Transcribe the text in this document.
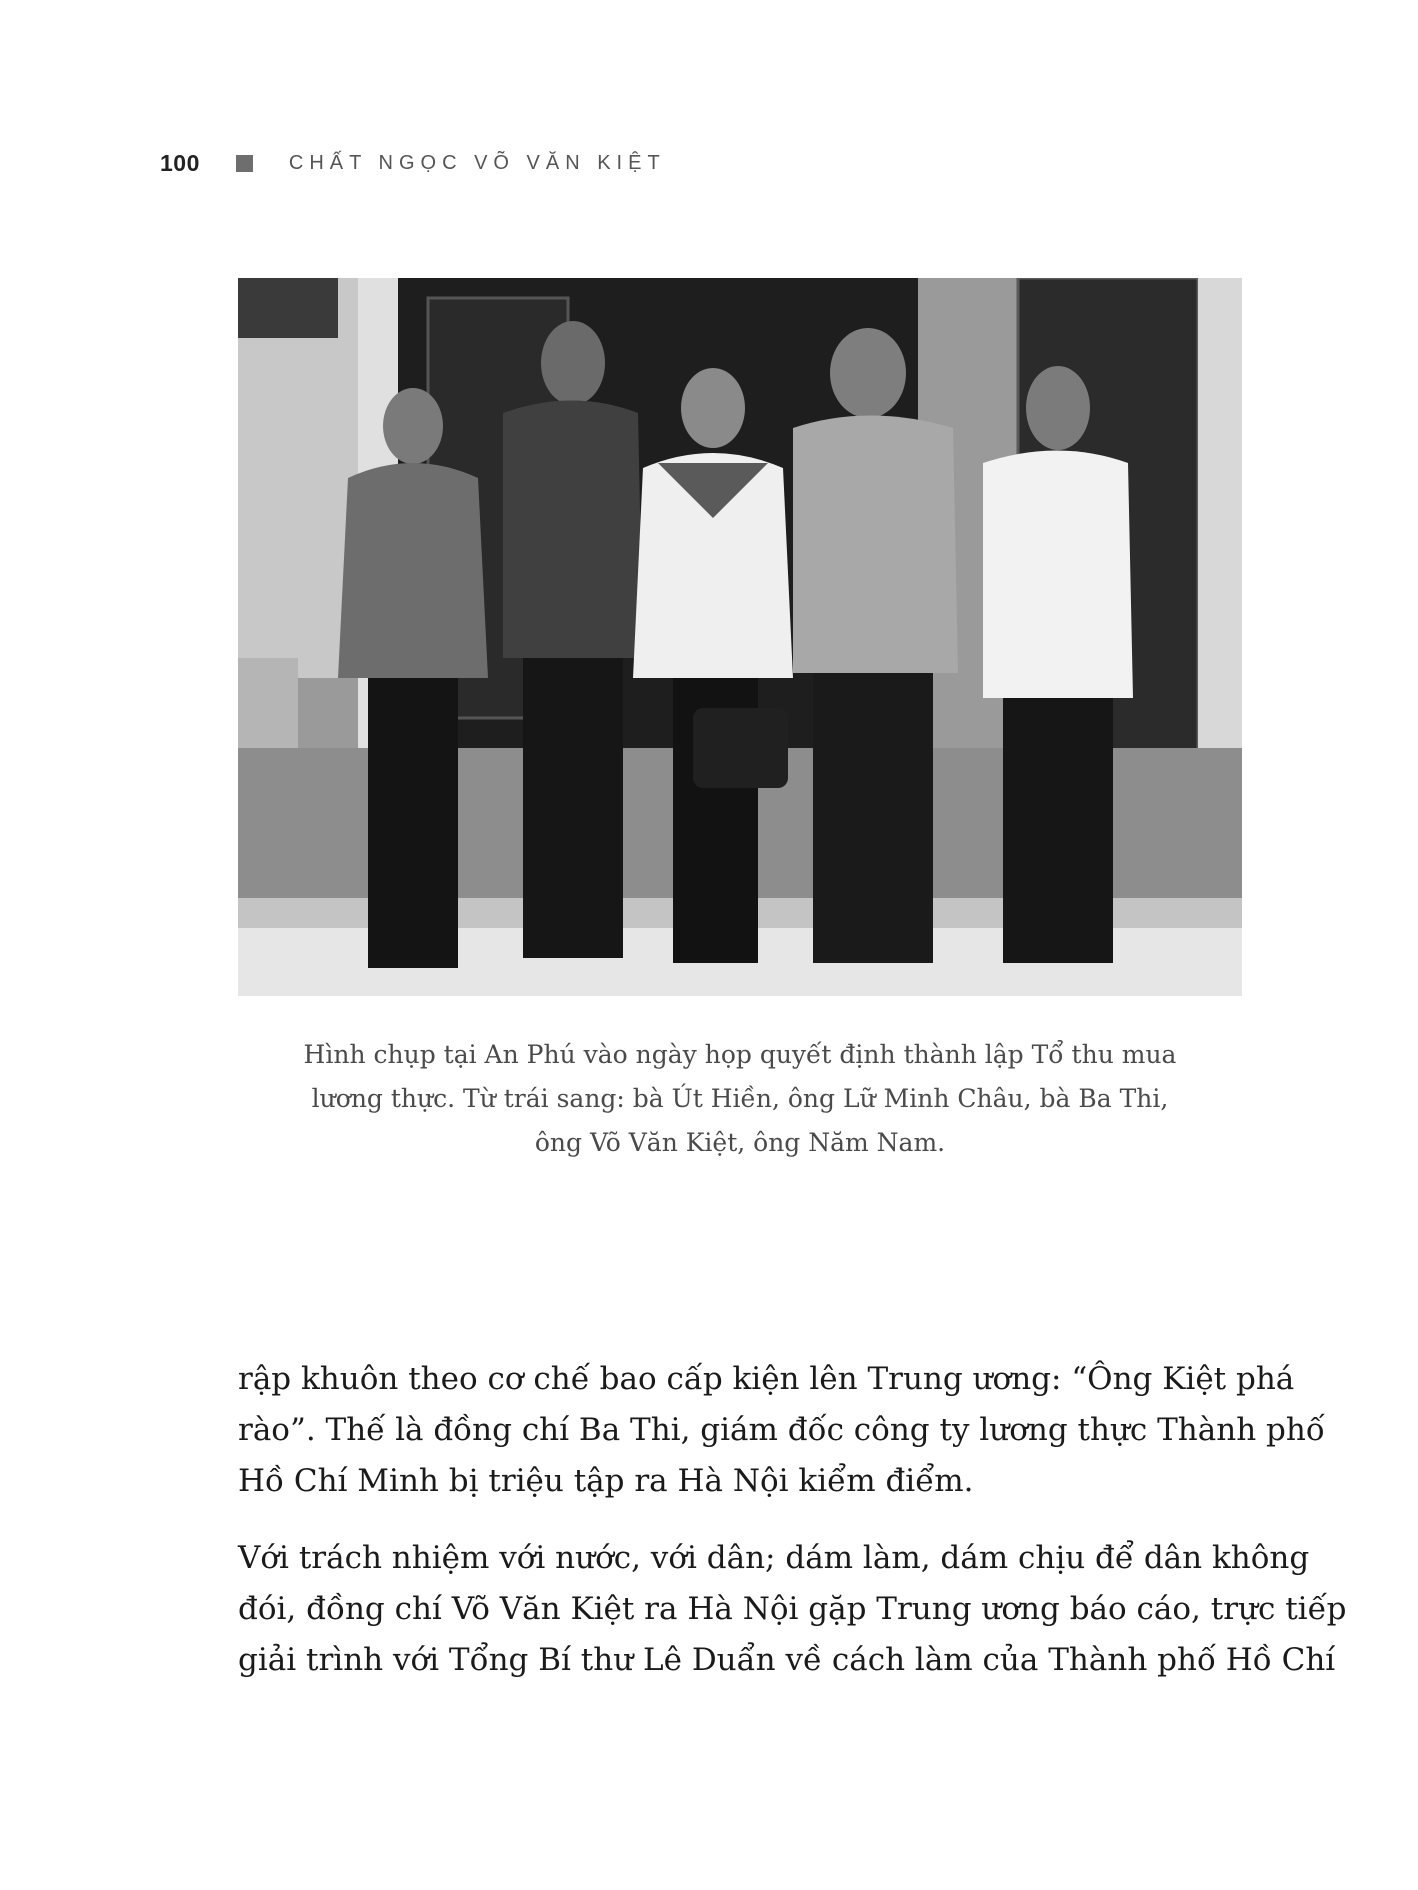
100	CHẤT NGỌC VÕ VĂN KIỆT
Hình chụp tại An Phú vào ngày họp quyết định thành lập Tổ thu mua
lương thực. Từ trái sang: bà Út Hiền, ông Lữ Minh Châu, bà Ba Thi,
ông Võ Văn Kiệt, ông Năm Nam.

rập khuôn theo cơ chế bao cấp kiện lên Trung ương: “Ông Kiệt phá
rào”. Thế là đồng chí Ba Thi, giám đốc công ty lương thực Thành phố
Hồ Chí Minh bị triệu tập ra Hà Nội kiểm điểm.

Với trách nhiệm với nước, với dân; dám làm, dám chịu để dân không
đói, đồng chí Võ Văn Kiệt ra Hà Nội gặp Trung ương báo cáo, trực tiếp
giải trình với Tổng Bí thư Lê Duẩn về cách làm của Thành phố Hồ Chí
